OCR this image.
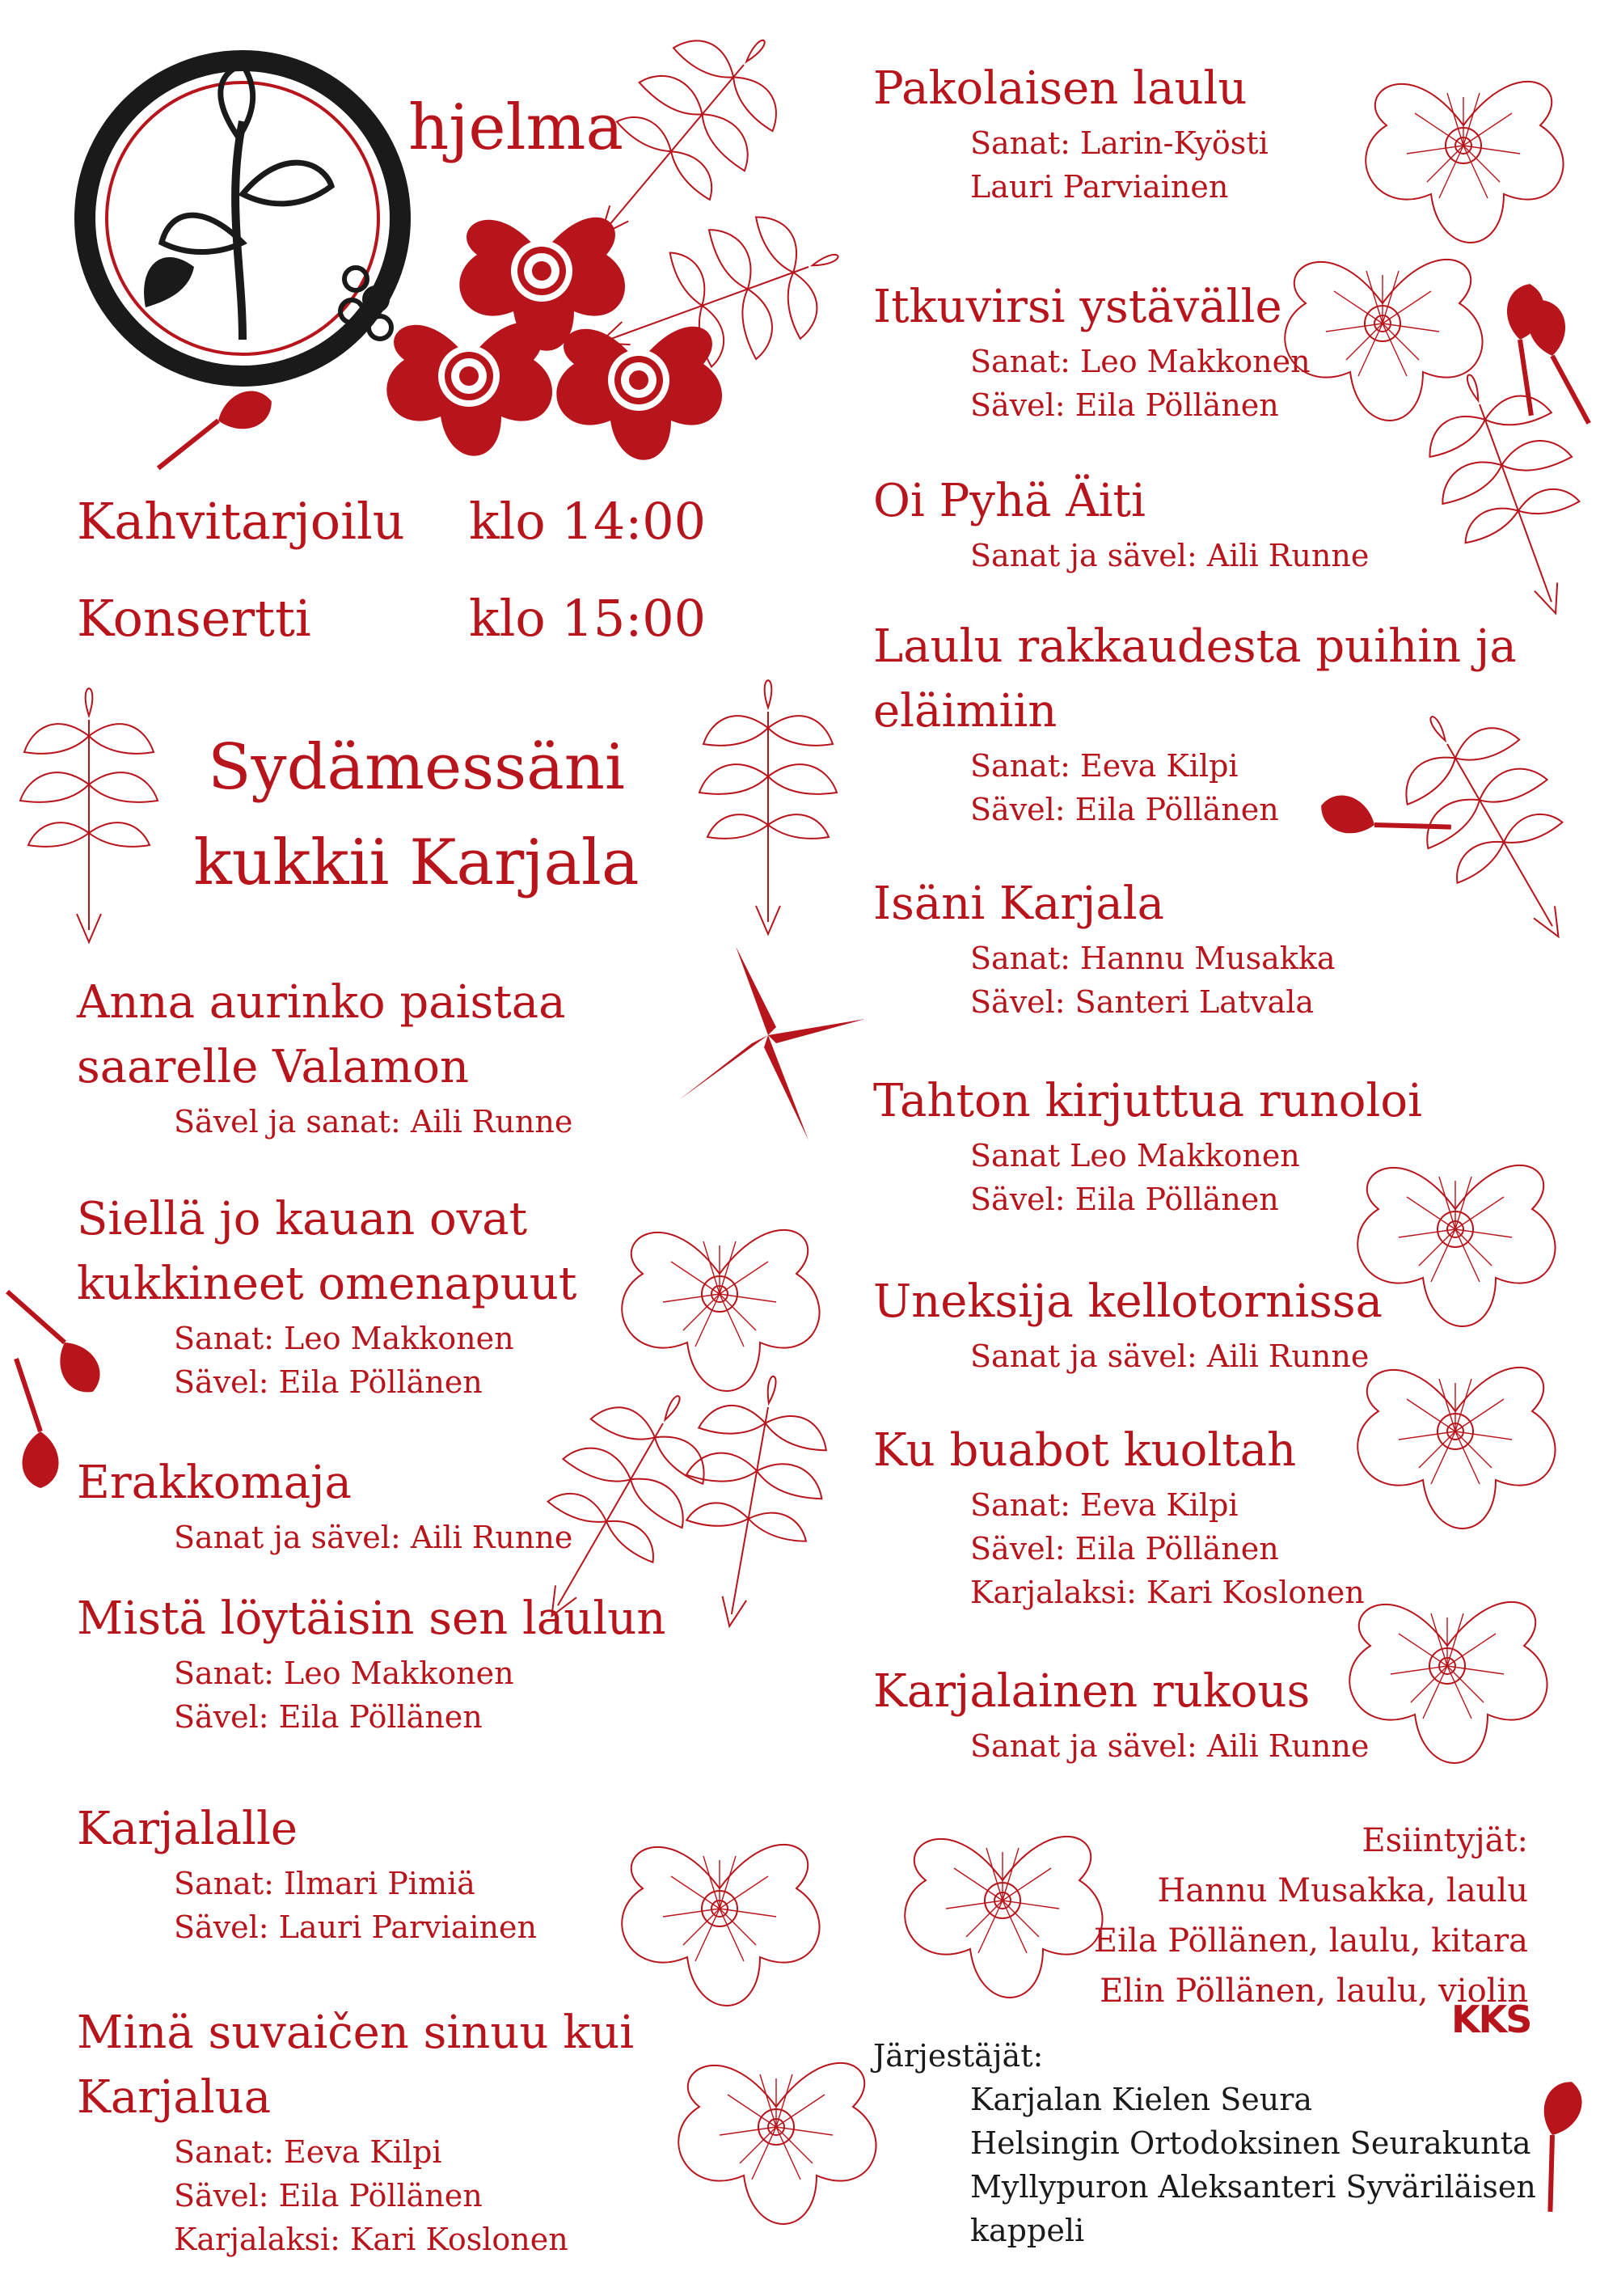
hjelma
Kahvitarjoilu klo 14:00
Konsertti	klo 15:00
Sydämessäni
kukkii Karjala
Anna aurinko paistaa
saarelle Valamon
Sävel ja sanat: Aili Runne
Siellä jo kauan ovat
kukkineet omenapuut
Sanat: Leo Makkonen
Sävel: Eila Pöllänen
Erakkomaja
Sanat ja sävel: Aili Runne
Mistä löytäisin sen laulun
Sanat: Leo Makkonen
Sävel: Eila Pöllänen
Karjalalle
Sanat: Ilmari Pimiä
Sävel: Lauri Parviainen
Minä suvaičen sinuu kui
Karjalua
Sanat: Eeva Kilpi
Sävel: Eila Pöllänen
Karjalaksi: Kari Koslonen
Pakolaisen laulu
Sanat: Larin-Kyösti
Lauri Parviainen
Itkuvirsi ystävälle
Sanat: Leo Makkonen
Sävel: Eila Pöllänen
Oi Pyhä Äiti
Sanat ja sävel: Aili Runne
Laulu rakkaudesta puihin ja
eläimiin
Sanat: Eeva Kilpi
Sävel: Eila Pöllänen
Isäni Karjala
Sanat: Hannu Musakka
Sävel: Santeri Latvala
Tahton kirjuttua runoloi
Sanat Leo Makkonen
Sävel: Eila Pöllänen
Uneksija kellotornissa
Sanat ja sävel: Aili Runne
Ku buabot kuoltah
Sanat: Eeva Kilpi
Sävel: Eila Pöllänen
Karjalaksi: Kari Koslonen
Karjalainen rukous
Sanat ja sävel: Aili Runne
Esiintyjät:
Hannu Musakka, laulu
Eila Pöllänen, laulu, kitara
Elin Pöllänen, laulu, violin
KKS
Järjestäjät:
Karjalan Kielen Seura
Helsingin Ortodoksinen Seurakunta
Myllypuron Aleksanteri Syväriläisen
kappeli
